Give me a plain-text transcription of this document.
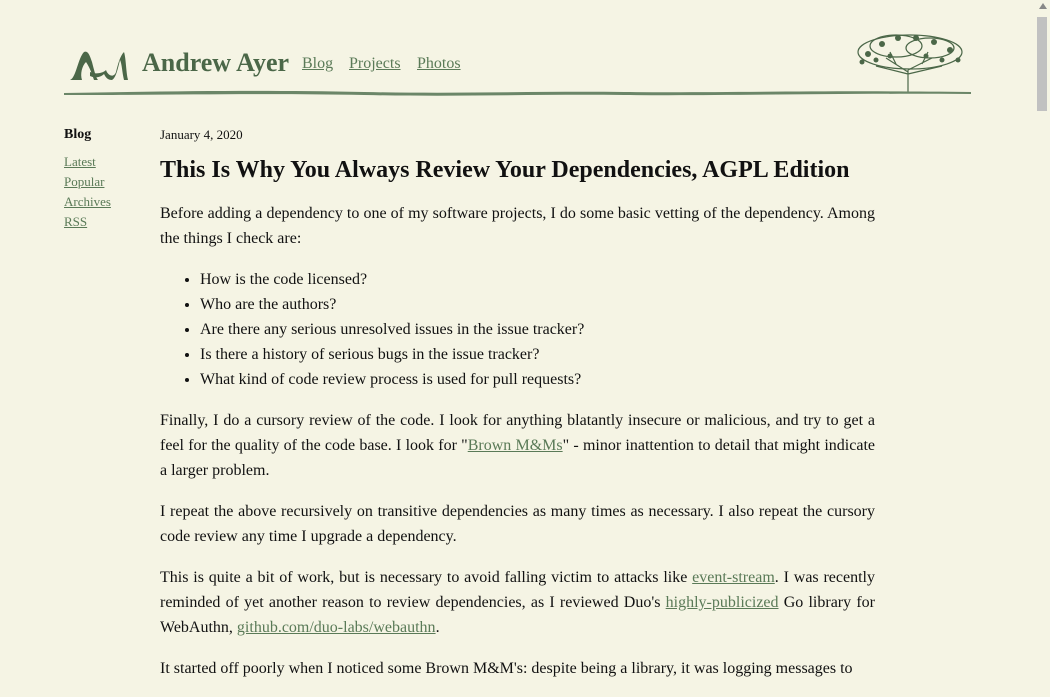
Andrew Ayer Blog Projects Photos
Blog
Latest
Popular
Archives
RSS
January 4, 2020
This Is Why You Always Review Your Dependencies, AGPL Edition

Before adding a dependency to one of my software projects, I do some basic vetting of the dependency. Among the things I check are:

• How is the code licensed?
• Who are the authors?
• Are there any serious unresolved issues in the issue tracker?
• Is there a history of serious bugs in the issue tracker?
• What kind of code review process is used for pull requests?

Finally, I do a cursory review of the code. I look for anything blatantly insecure or malicious, and try to get a feel for the quality of the code base. I look for "Brown M&Ms" - minor inattention to detail that might indicate a larger problem.

I repeat the above recursively on transitive dependencies as many times as necessary. I also repeat the cursory code review any time I upgrade a dependency.

This is quite a bit of work, but is necessary to avoid falling victim to attacks like event-stream. I was recently reminded of yet another reason to review dependencies, as I reviewed Duo's highly-publicized Go library for WebAuthn, github.com/duo-labs/webauthn.

It started off poorly when I noticed some Brown M&M's: despite being a library, it was logging messages to
